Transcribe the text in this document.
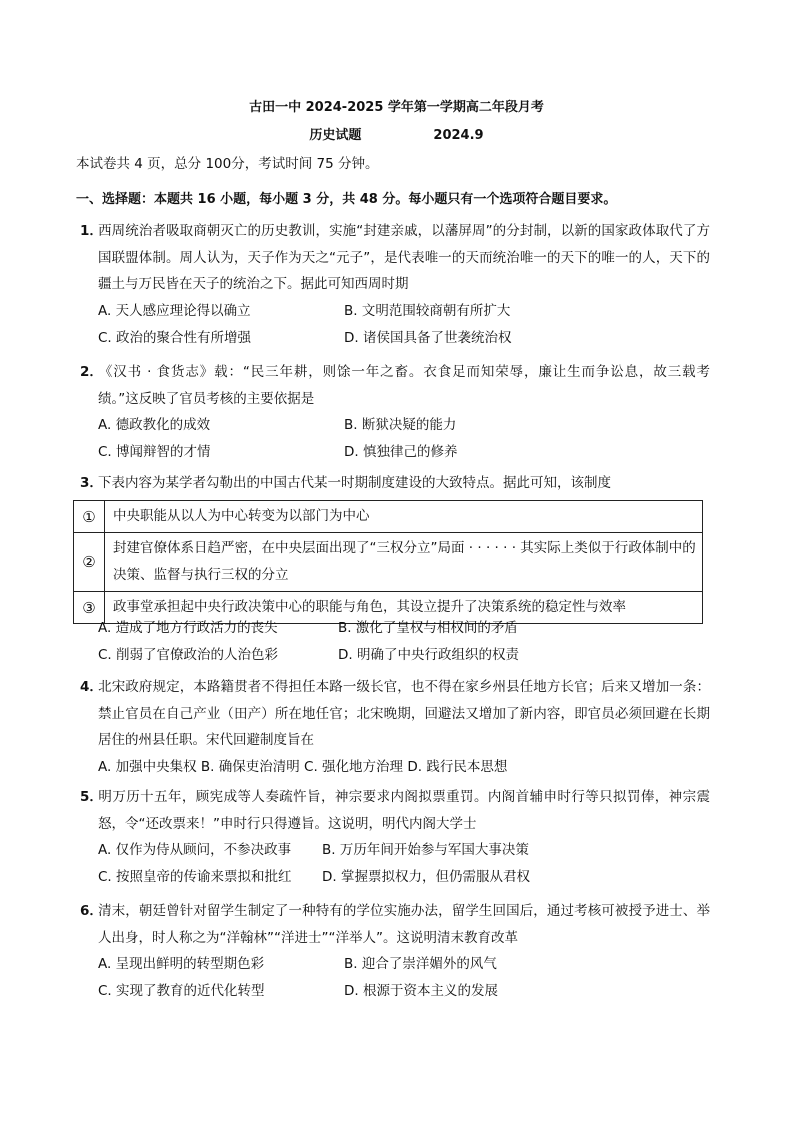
古田一中 2024-2025 学年第一学期高二年段月考
历史试题	2024.9
本试卷共 4 页，总分 100分，考试时间 75 分钟。
一、选择题：本题共 16 小题，每小题 3 分，共 48 分。每小题只有一个选项符合题目要求。
1．西周统治者吸取商朝灭亡的历史教训，实施“封建亲戚，以藩屏周”的分封制，以新的国家政体取代了方国联盟体制。周人认为，天子作为天之“元子”，是代表唯一的天而统治唯一的天下的唯一的人，天下的疆土与万民皆在天子的统治之下。据此可知西周时期
A. 天人感应理论得以确立	B. 文明范围较商朝有所扩大
C. 政治的聚合性有所增强	D. 诸侯国具备了世袭统治权
2．《汉书 · 食货志》载：“民三年耕，则馀一年之畜。衣食足而知荣辱，廉让生而争讼息，故三载考绩。”这反映了官员考核的主要依据是
A. 德政教化的成效	B. 断狱决疑的能力
C. 博闻辩智的才情	D. 慎独律己的修养
3．下表内容为某学者勾勒出的中国古代某一时期制度建设的大致特点。据此可知，该制度
①	中央职能从以人为中心转变为以部门为中心
②	封建官僚体系日趋严密，在中央层面出现了“三权分立”局面 · · · · · · 其实际上类似于行政体制中的决策、监督与执行三权的分立
③	政事堂承担起中央行政决策中心的职能与角色，其设立提升了决策系统的稳定性与效率
A. 造成了地方行政活力的丧失	B. 激化了皇权与相权间的矛盾
C. 削弱了官僚政治的人治色彩	D. 明确了中央行政组织的权责
4．北宋政府规定，本路籍贯者不得担任本路一级长官，也不得在家乡州县任地方长官；后来又增加一条：禁止官员在自己产业（田产）所在地任官；北宋晚期，回避法又增加了新内容，即官员必须回避在长期居住的州县任职。宋代回避制度旨在
A. 加强中央集权 B. 确保吏治清明 C. 强化地方治理 D. 践行民本思想
5．明万历十五年，顾宪成等人奏疏忤旨，神宗要求内阁拟票重罚。内阁首辅申时行等只拟罚俸，神宗震怒，令“还改票来！”申时行只得遵旨。这说明，明代内阁大学士
A. 仅作为侍从顾问，不参决政事 B. 万历年间开始参与军国大事决策
C. 按照皇帝的传谕来票拟和批红 D. 掌握票拟权力，但仍需服从君权
6．清末，朝廷曾针对留学生制定了一种特有的学位实施办法，留学生回国后，通过考核可被授予进士、举人出身，时人称之为“洋翰林”“洋进士”“洋举人”。这说明清末教育改革
A. 呈现出鲜明的转型期色彩	B. 迎合了崇洋媚外的风气
C. 实现了教育的近代化转型	D. 根源于资本主义的发展
